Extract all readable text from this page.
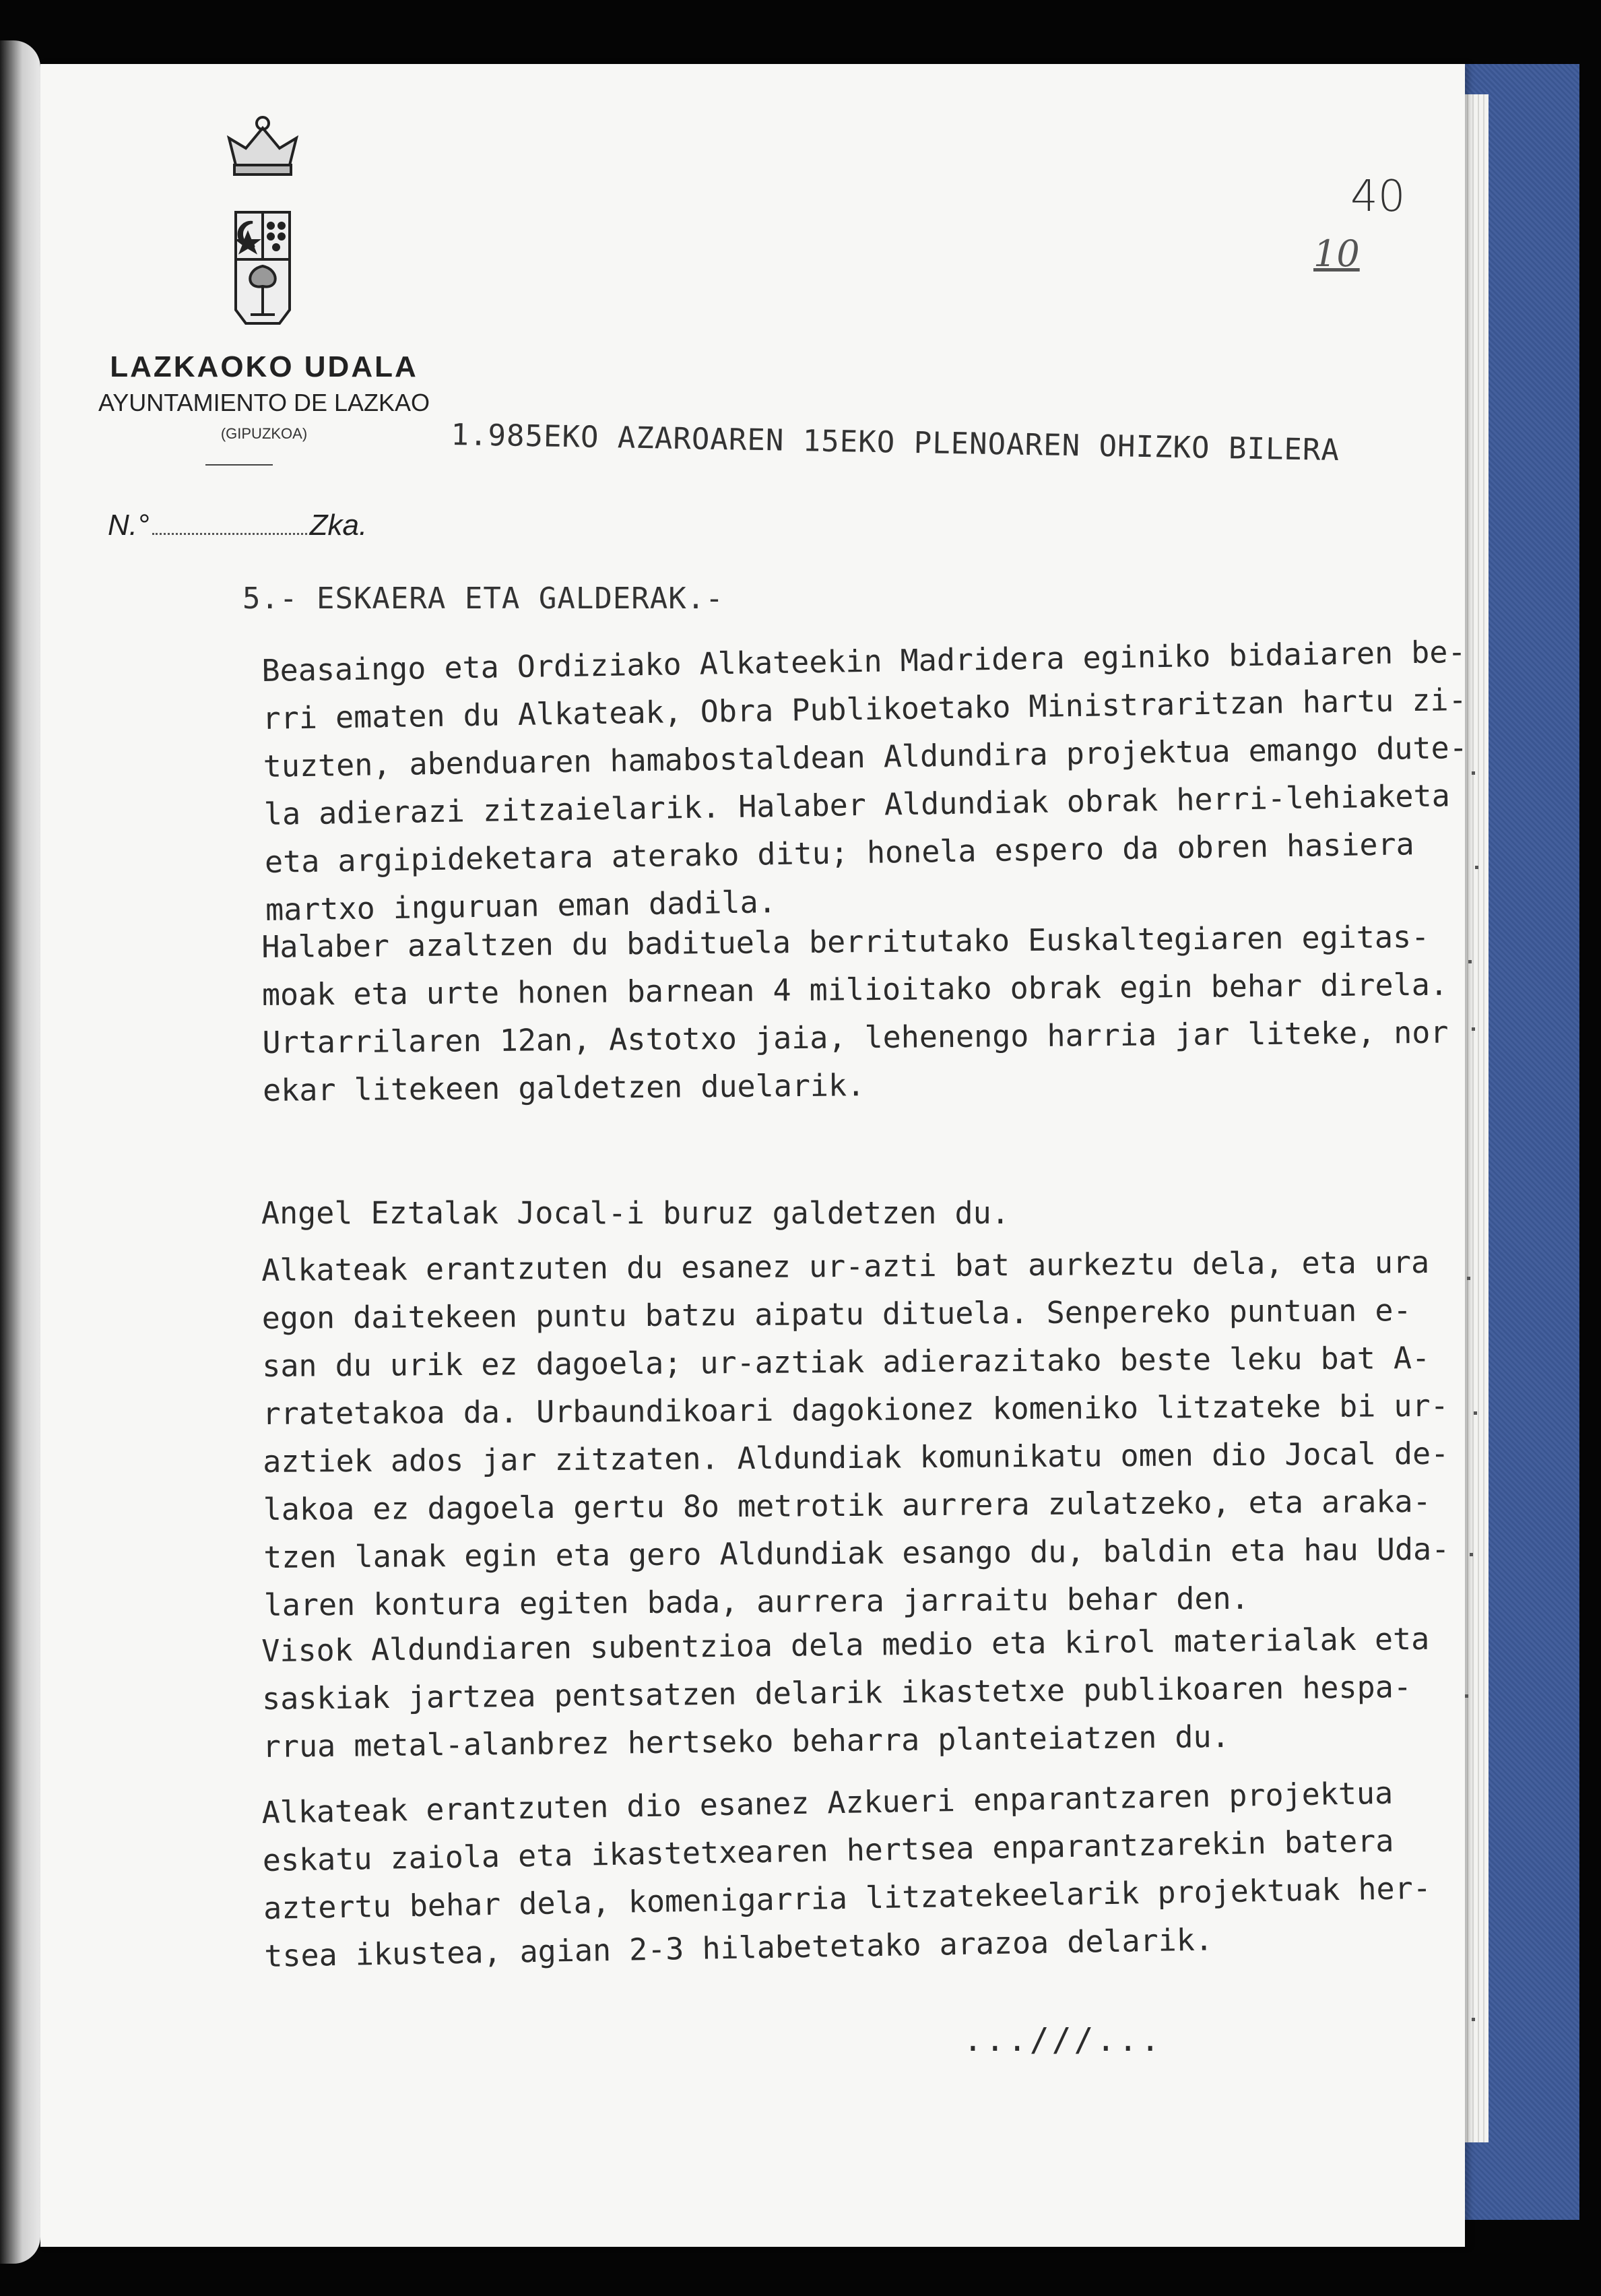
LAZKAOKO UDALA
AYUNTAMIENTO DE LAZKAO
(GIPUZKOA)
N.°	Zka.
40
10
1.985EKO AZAROAREN 15EKO PLENOAREN OHIZKO BILERA
5.- ESKAERA ETA GALDERAK.-
Beasaingo eta Ordiziako Alkateekin Madridera eginiko bidaiaren be-
rri ematen du Alkateak, Obra Publikoetako Ministraritzan hartu zi-
tuzten, abenduaren hamabostaldean Aldundira projektua emango dute-
la adierazi zitzaielarik. Halaber Aldundiak obrak herri-lehiaketa
eta argipideketara aterako ditu; honela espero da obren hasiera
martxo inguruan eman dadila.
Halaber azaltzen du badituela berritutako Euskaltegiaren egitas-
moak eta urte honen barnean 4 milioitako obrak egin behar direla.
Urtarrilaren 12an, Astotxo jaia, lehenengo harria jar liteke, nor
ekar litekeen galdetzen duelarik.
Angel Eztalak Jocal-i buruz galdetzen du.
Alkateak erantzuten du esanez ur-azti bat aurkeztu dela, eta ura
egon daitekeen puntu batzu aipatu dituela. Senpereko puntuan e-
san du urik ez dagoela; ur-aztiak adierazitako beste leku bat A-
rratetakoa da. Urbaundikoari dagokionez komeniko litzateke bi ur-
aztiek ados jar zitzaten. Aldundiak komunikatu omen dio Jocal de-
lakoa ez dagoela gertu 8o metrotik aurrera zulatzeko, eta araka-
tzen lanak egin eta gero Aldundiak esango du, baldin eta hau Uda-
laren kontura egiten bada, aurrera jarraitu behar den.
Visok Aldundiaren subentzioa dela medio eta kirol materialak eta
saskiak jartzea pentsatzen delarik ikastetxe publikoaren hespa-
rrua metal-alanbrez hertseko beharra planteiatzen du.
Alkateak erantzuten dio esanez Azkueri enparantzaren projektua
eskatu zaiola eta ikastetxearen hertsea enparantzarekin batera
aztertu behar dela, komenigarria litzatekeelarik projektuak her-
tsea ikustea, agian 2-3 hilabetetako arazoa delarik.
...///...
